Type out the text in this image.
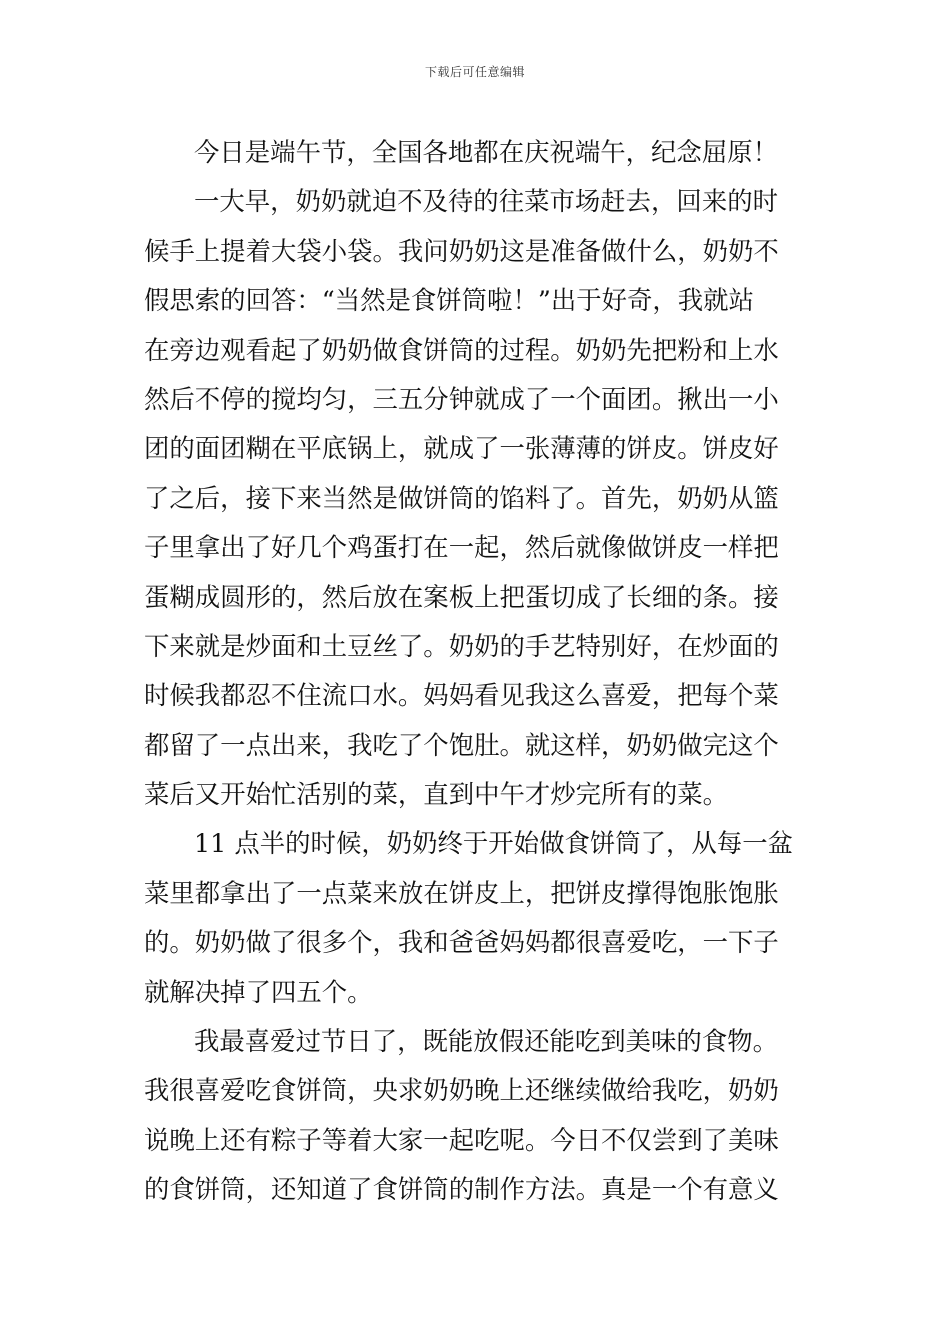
下载后可任意编辑
今日是端午节，全国各地都在庆祝端午，纪念屈原！
一大早，奶奶就迫不及待的往菜市场赶去，回来的时
候手上提着大袋小袋。我问奶奶这是准备做什么，奶奶不
假思索的回答：“当然是食饼筒啦！”出于好奇，我就站
在旁边观看起了奶奶做食饼筒的过程。奶奶先把粉和上水
然后不停的搅均匀，三五分钟就成了一个面团。揪出一小
团的面团糊在平底锅上，就成了一张薄薄的饼皮。饼皮好
了之后，接下来当然是做饼筒的馅料了。首先，奶奶从篮
子里拿出了好几个鸡蛋打在一起，然后就像做饼皮一样把
蛋糊成圆形的，然后放在案板上把蛋切成了长细的条。接
下来就是炒面和土豆丝了。奶奶的手艺特别好，在炒面的
时候我都忍不住流口水。妈妈看见我这么喜爱，把每个菜
都留了一点出来，我吃了个饱肚。就这样，奶奶做完这个
菜后又开始忙活别的菜，直到中午才炒完所有的菜。
11 点半的时候，奶奶终于开始做食饼筒了，从每一盆
菜里都拿出了一点菜来放在饼皮上，把饼皮撑得饱胀饱胀
的。奶奶做了很多个，我和爸爸妈妈都很喜爱吃，一下子
就解决掉了四五个。
我最喜爱过节日了，既能放假还能吃到美味的食物。
我很喜爱吃食饼筒，央求奶奶晚上还继续做给我吃，奶奶
说晚上还有粽子等着大家一起吃呢。今日不仅尝到了美味
的食饼筒，还知道了食饼筒的制作方法。真是一个有意义
